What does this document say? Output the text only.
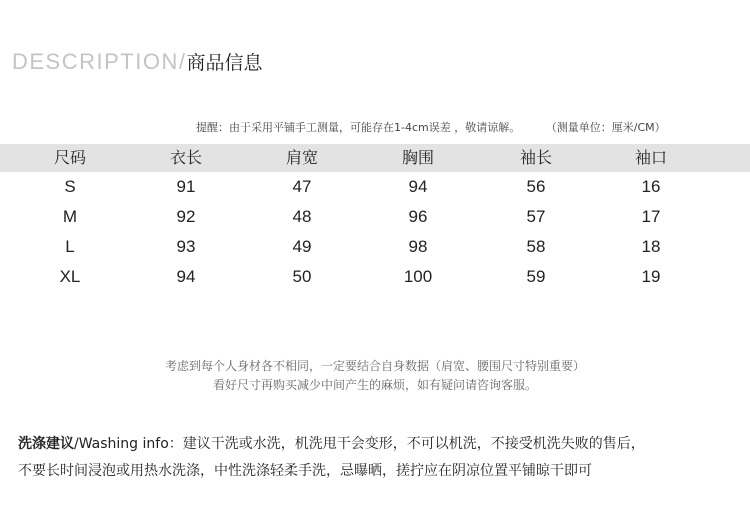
DESCRIPTION/ 商品信息
提醒：由于采用平铺手工测量，可能存在1-4cm误差 ，敬请谅解。 （测量单位：厘米/CM）
尺码	衣长	肩宽	胸围	袖长	袖口
S	91	47	94	56	16
M	92	48	96	57	17
L	93	49	98	58	18
XL	94	50	100	59	19
考虑到每个人身材各不相同，一定要结合自身数据（肩宽、腰围尺寸特别重要）
看好尺寸再购买减少中间产生的麻烦，如有疑问请咨询客服。
洗涤建议/Washing info：建议干洗或水洗，机洗甩干会变形，不可以机洗，不接受机洗失败的售后，
不要长时间浸泡或用热水洗涤，中性洗涤轻柔手洗，忌曝晒，搓拧应在阴凉位置平铺晾干即可
